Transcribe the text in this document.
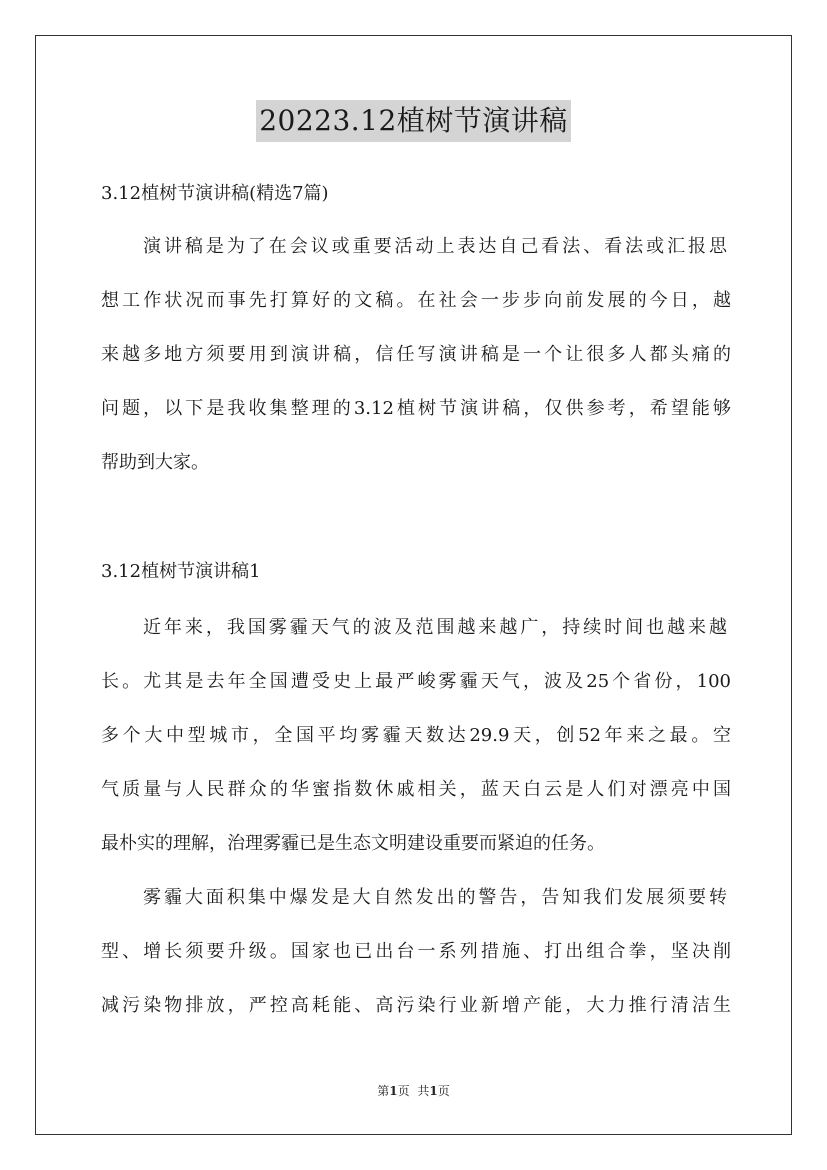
20223.12植树节演讲稿
3.12植树节演讲稿(精选7篇)
演讲稿是为了在会议或重要活动上表达自己看法、看法或汇报思
想工作状况而事先打算好的文稿。在社会一步步向前发展的今日，越
来越多地方须要用到演讲稿，信任写演讲稿是一个让很多人都头痛的
问题，以下是我收集整理的3.12植树节演讲稿，仅供参考，希望能够
帮助到大家。
3.12植树节演讲稿1
近年来，我国雾霾天气的波及范围越来越广，持续时间也越来越
长。尤其是去年全国遭受史上最严峻雾霾天气，波及25个省份，100
多个大中型城市，全国平均雾霾天数达29.9天，创52年来之最。空
气质量与人民群众的华蜜指数休戚相关，蓝天白云是人们对漂亮中国
最朴实的理解，治理雾霾已是生态文明建设重要而紧迫的任务。
雾霾大面积集中爆发是大自然发出的警告，告知我们发展须要转
型、增长须要升级。国家也已出台一系列措施、打出组合拳，坚决削
减污染物排放，严控高耗能、高污染行业新增产能，大力推行清洁生
第1页 共1页
